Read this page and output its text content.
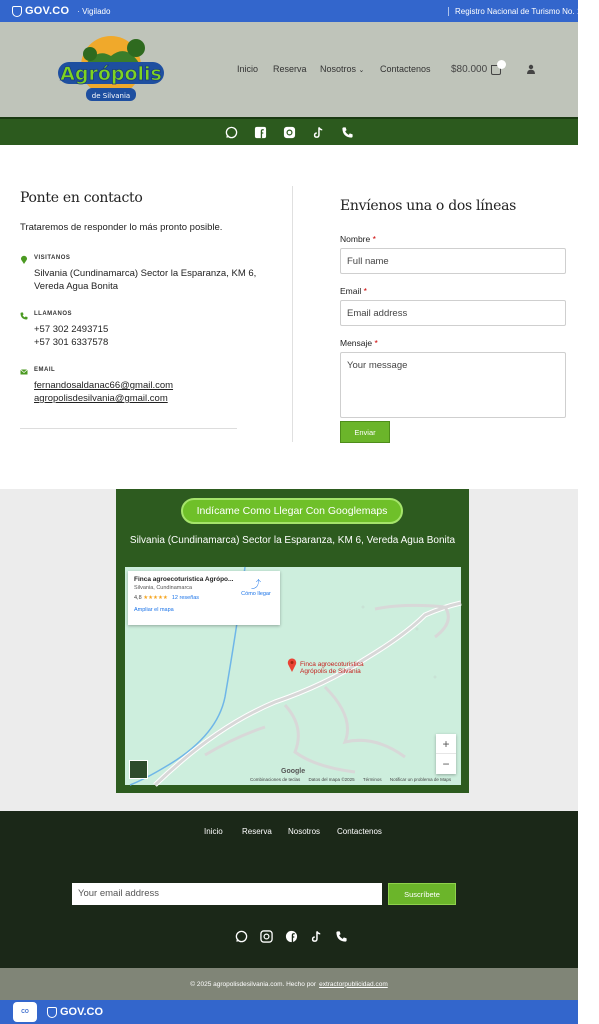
GOV.CO · Vigilado	Registro Nacional de Turismo No. 15516
Agrópolis
de Silvania
Inicio Reserva Nosotros ⌄ Contactenos $80.000
Ponte en contacto
Trataremos de responder lo más pronto posible.
VISITANOS
Silvania (Cundinamarca) Sector la Esparanza, KM 6, Vereda Agua Bonita
LLAMANOS
+57 302 2493715
+57 301 6337578
EMAIL
fernandosaldanac66@gmail.com
agropolisdesilvania@gmail.com
Envíenos una o dos líneas
Nombre *
Full name
Email *
Email address
Mensaje *
Your message
Enviar
Indícame Como Llegar Con Googlemaps
Silvania (Cundinamarca) Sector la Esparanza, KM 6, Vereda Agua Bonita
Finca agroecoturistica Agrópo...
Silvania, Cundinamarca
4,8 ★★★★★ 12 reseñas
Ampliar el mapa
⤴
Cómo llegar
Finca agroecoturistica
Agrópolis de Silvania
+
−
Google
Combinaciones de teclas Datos del mapa ©2025 Términos Notificar un problema de Maps
Inicio Reserva Nosotros Contactenos
Your email address	Suscríbete
© 2025 agropolisdesilvania.com. Hecho por extractorpublicidad.com
CO	GOV.CO
